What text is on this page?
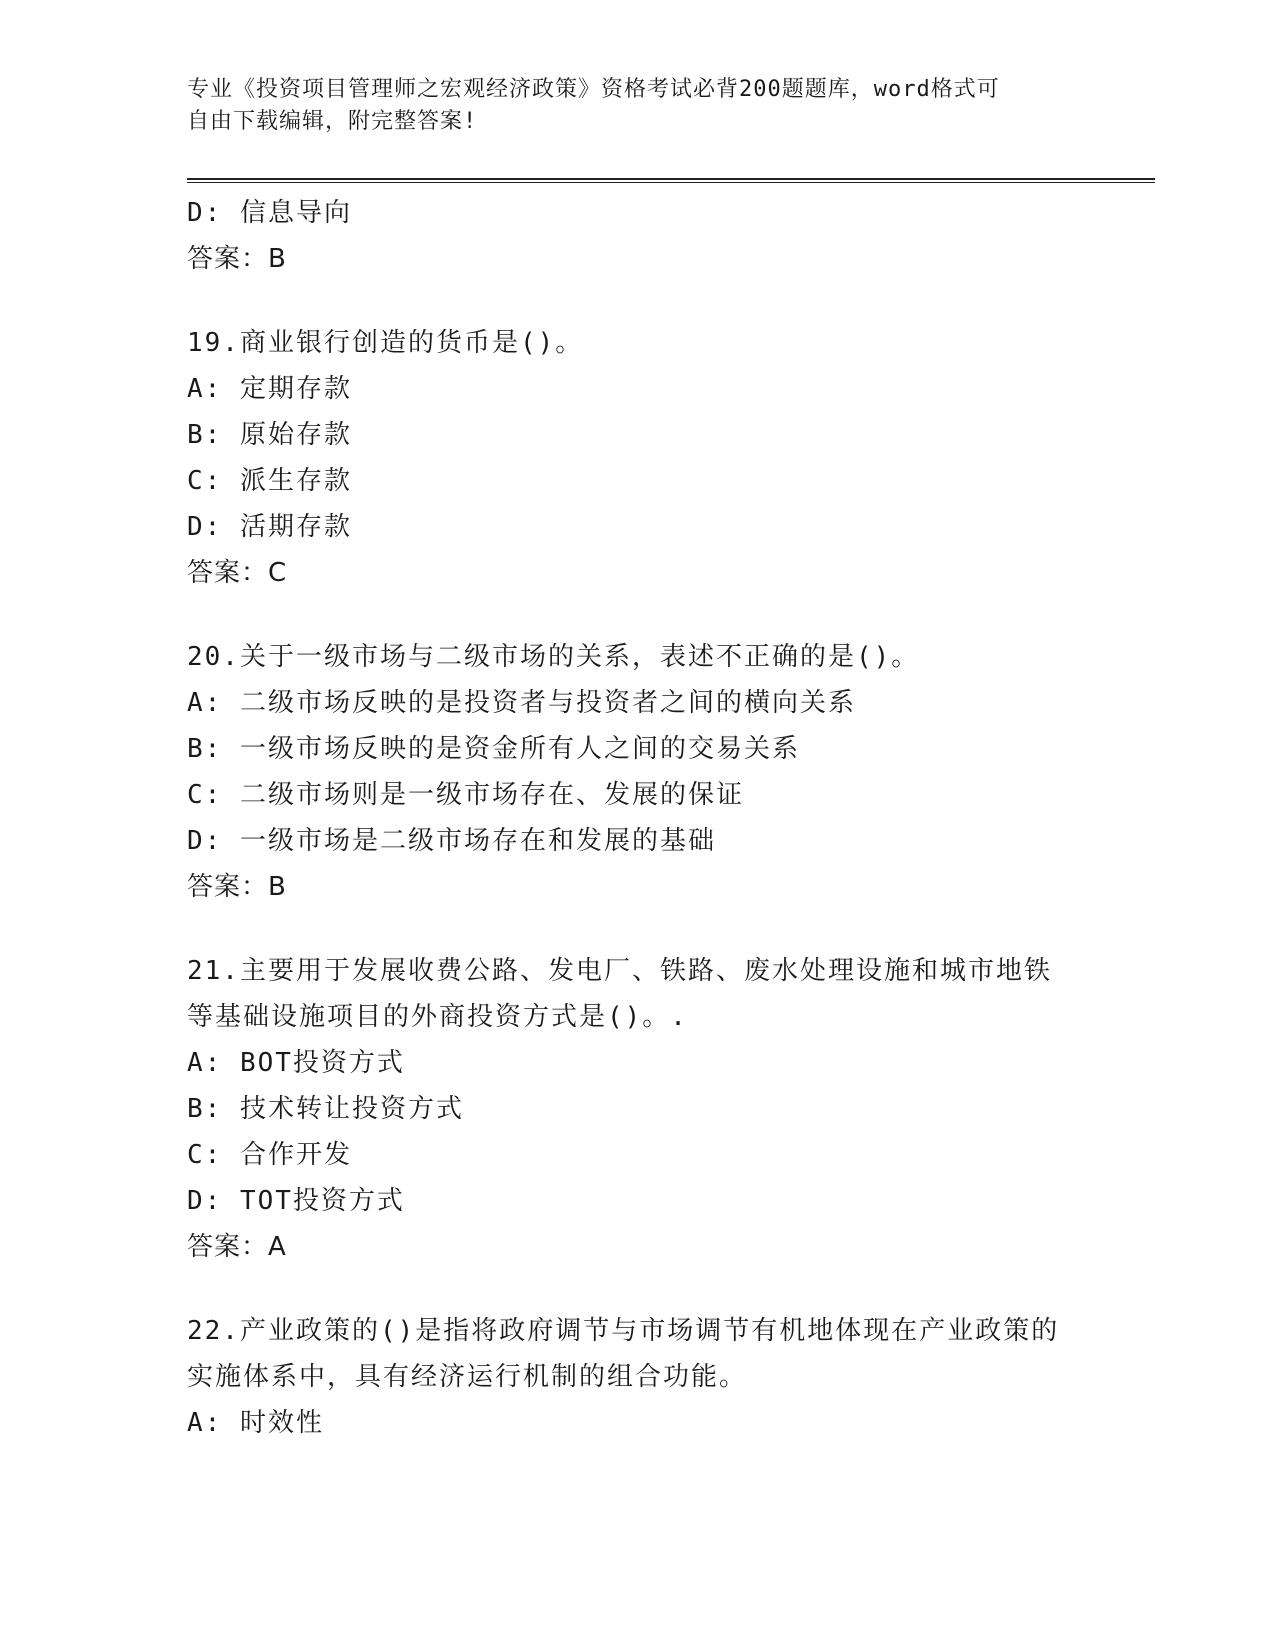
专业《投资项目管理师之宏观经济政策》资格考试必背200题题库，word格式可
自由下载编辑，附完整答案!
D: 信息导向
答案：B
19.商业银行创造的货币是()。
A: 定期存款
B: 原始存款
C: 派生存款
D: 活期存款
答案：C
20.关于一级市场与二级市场的关系，表述不正确的是()。
A: 二级市场反映的是投资者与投资者之间的横向关系
B: 一级市场反映的是资金所有人之间的交易关系
C: 二级市场则是一级市场存在、发展的保证
D: 一级市场是二级市场存在和发展的基础
答案：B
21.主要用于发展收费公路、发电厂、铁路、废水处理设施和城市地铁
等基础设施项目的外商投资方式是()。.
A: BOT投资方式
B: 技术转让投资方式
C: 合作开发
D: TOT投资方式
答案：A
22.产业政策的()是指将政府调节与市场调节有机地体现在产业政策的
实施体系中，具有经济运行机制的组合功能。
A: 时效性
